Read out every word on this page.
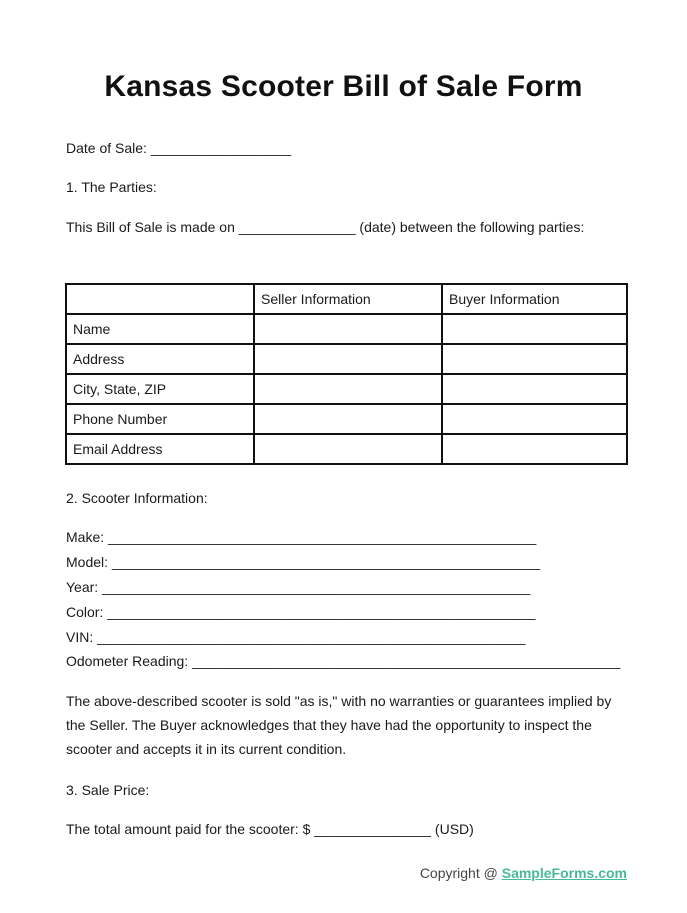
Kansas Scooter Bill of Sale Form
Date of Sale: __________________
1. The Parties:
This Bill of Sale is made on _______________ (date) between the following parties:
	Seller Information	Buyer Information
Name		
Address		
City, State, ZIP		
Phone Number		
Email Address		
2. Scooter Information:
Make: _______________________________________________________
Model: _______________________________________________________
Year: _______________________________________________________
Color: _______________________________________________________
VIN: _______________________________________________________
Odometer Reading: _______________________________________________________
The above-described scooter is sold "as is," with no warranties or guarantees implied by the Seller. The Buyer acknowledges that they have had the opportunity to inspect the scooter and accepts it in its current condition.
3. Sale Price:
The total amount paid for the scooter: $ _______________ (USD)
Copyright @ SampleForms.com
